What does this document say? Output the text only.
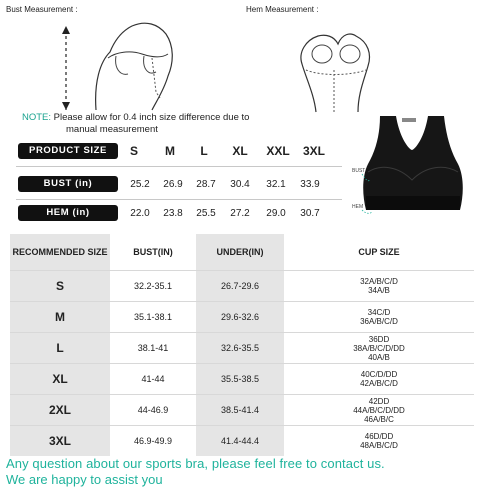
Bust Measurement :	Hem Measurement :
NOTE: Please allow for 0.4 inch size difference due to
manual measurement
PRODUCT SIZE	S	M	L	XL	XXL	3XL
BUST (in)	25.2	26.9	28.7	30.4	32.1	33.9
HEM (in)	22.0	23.8	25.5	27.2	29.0	30.7
BUST
HEM
RECOMMENDED SIZE	BUST(IN)	UNDER(IN)	CUP SIZE
S	32.2-35.1	26.7-29.6	32A/B/C/D
34A/B

M	35.1-38.1	29.6-32.6	34C/D
36A/B/C/D

L	38.1-41	32.6-35.5	36DD
38A/B/C/D/DD
40A/B

XL	41-44	35.5-38.5	40C/D/DD
42A/B/C/D

2XL	44-46.9	38.5-41.4	42DD
44A/B/C/D/DD
46A/B/C

3XL	46.9-49.9	41.4-44.4	46D/DD
48A/B/C/D
Any question about our sports bra, please feel free to contact us.
We are happy to assist you
